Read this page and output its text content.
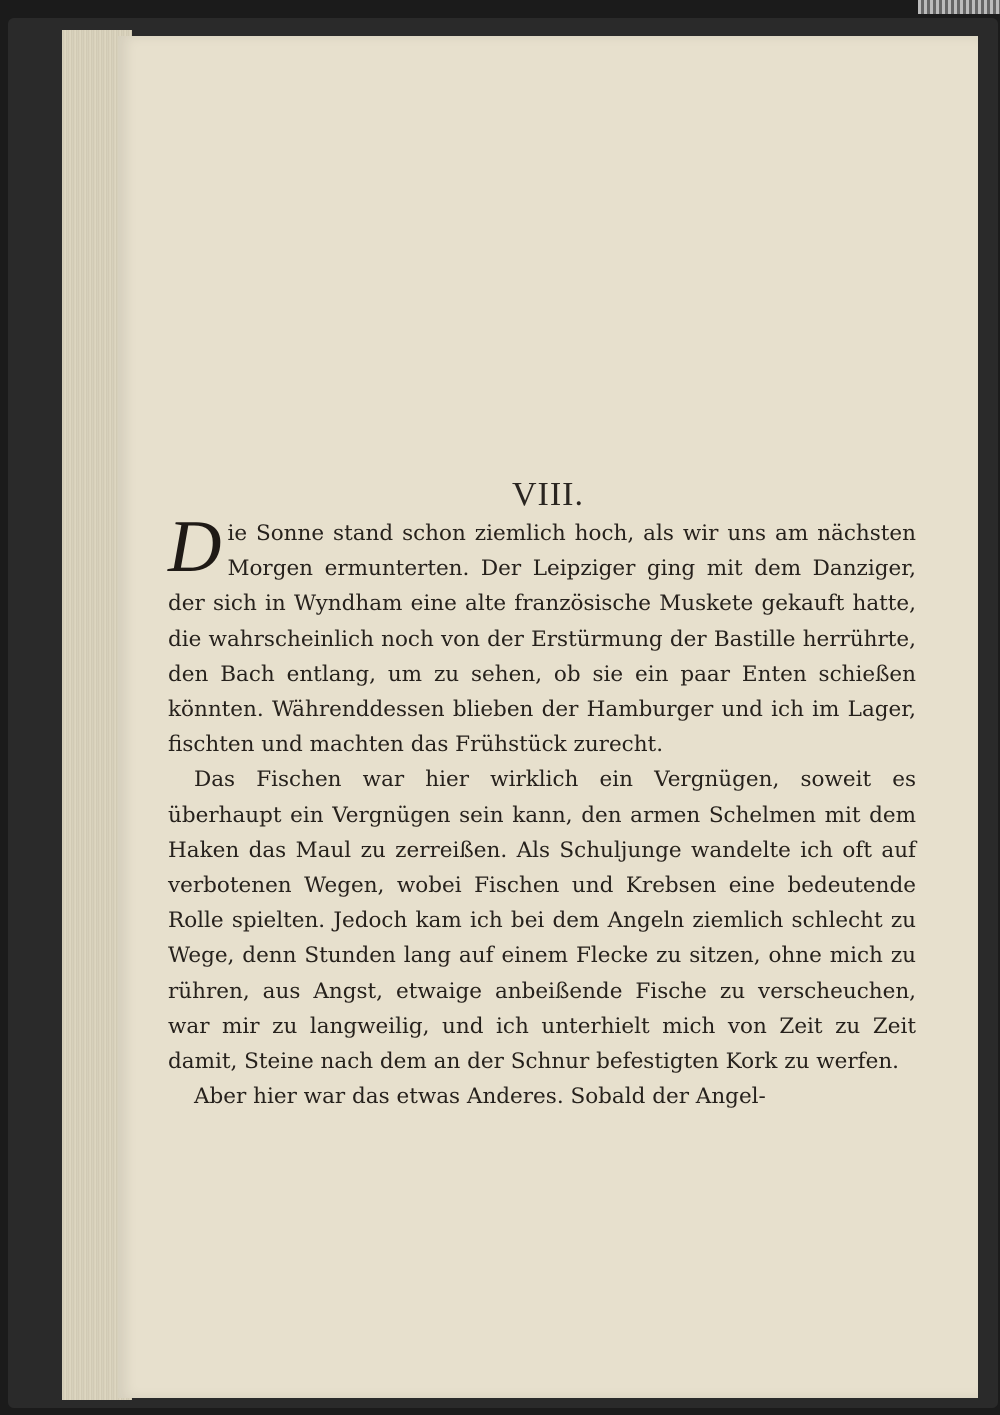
VIII.

Die Sonne stand schon ziemlich hoch, als wir uns am nächsten Morgen ermunterten. Der Leipziger ging mit dem Danziger, der sich in Wyndham eine alte französische Muskete gekauft hatte, die wahrscheinlich noch von der Erstürmung der Bastille herrührte, den Bach entlang, um zu sehen, ob sie ein paar Enten schießen könnten. Währenddessen blieben der Hamburger und ich im Lager, fischten und machten das Frühstück zurecht.

Das Fischen war hier wirklich ein Vergnügen, soweit es überhaupt ein Vergnügen sein kann, den armen Schelmen mit dem Haken das Maul zu zerreißen. Als Schuljunge wandelte ich oft auf verbotenen Wegen, wobei Fischen und Krebsen eine bedeutende Rolle spielten. Jedoch kam ich bei dem Angeln ziemlich schlecht zu Wege, denn Stunden lang auf einem Flecke zu sitzen, ohne mich zu rühren, aus Angst, etwaige anbeißende Fische zu verscheuchen, war mir zu langweilig, und ich unterhielt mich von Zeit zu Zeit damit, Steine nach dem an der Schnur befestigten Kork zu werfen.

Aber hier war das etwas Anderes. Sobald der Angel-
